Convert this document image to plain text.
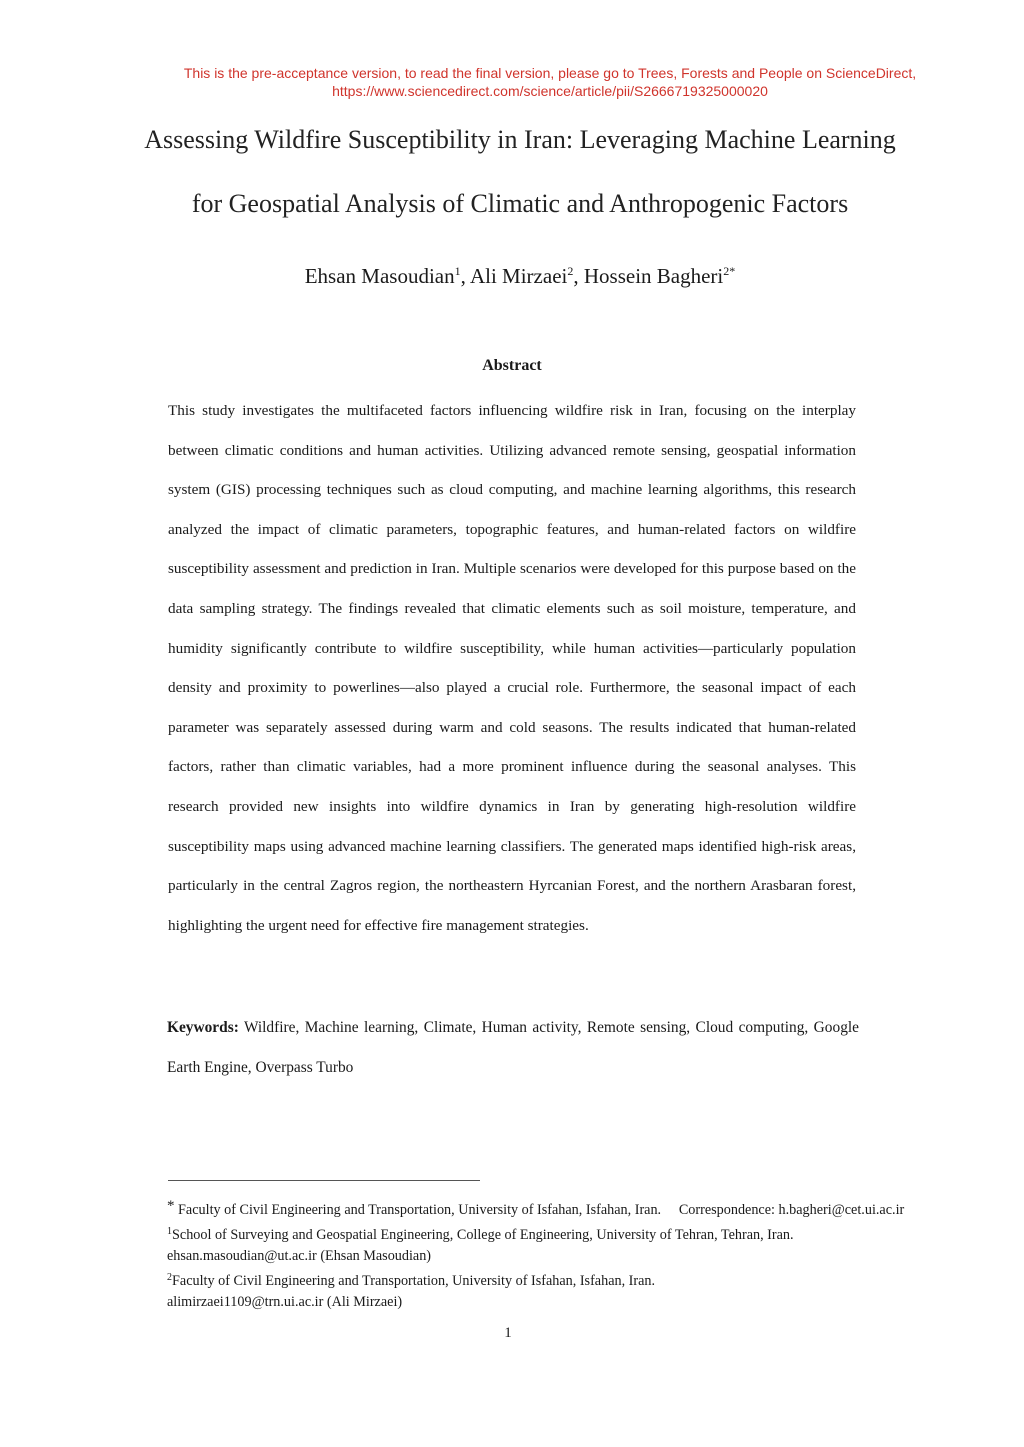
This is the pre-acceptance version, to read the final version, please go to Trees, Forests and People on ScienceDirect,
https://www.sciencedirect.com/science/article/pii/S2666719325000020
Assessing Wildfire Susceptibility in Iran: Leveraging Machine Learning
for Geospatial Analysis of Climatic and Anthropogenic Factors
Ehsan Masoudian$^1$, Ali Mirzaei$^2$, Hossein Bagheri$^{2*}$
Abstract

This study investigates the multifaceted factors influencing wildfire risk in Iran, focusing on the interplay between climatic conditions and human activities. Utilizing advanced remote sensing, geospatial information system (GIS) processing techniques such as cloud computing, and machine learning algorithms, this research analyzed the impact of climatic parameters, topographic features, and human-related factors on wildfire susceptibility assessment and prediction in Iran. Multiple scenarios were developed for this purpose based on the data sampling strategy. The findings revealed that climatic elements such as soil moisture, temperature, and humidity significantly contribute to wildfire susceptibility, while human activities—particularly population density and proximity to powerlines—also played a crucial role. Furthermore, the seasonal impact of each parameter was separately assessed during warm and cold seasons. The results indicated that human-related factors, rather than climatic variables, had a more prominent influence during the seasonal analyses. This research provided new insights into wildfire dynamics in Iran by generating high-resolution wildfire susceptibility maps using advanced machine learning classifiers. The generated maps identified high-risk areas, particularly in the central Zagros region, the northeastern Hyrcanian Forest, and the northern Arasbaran forest, highlighting the urgent need for effective fire management strategies.

Keywords: Wildfire, Machine learning, Climate, Human activity, Remote sensing, Cloud computing, Google Earth Engine, Overpass Turbo

* Faculty of Civil Engineering and Transportation, University of Isfahan, Isfahan, Iran.  Correspondence: h.bagheri@cet.ui.ac.ir

$^1$School of Surveying and Geospatial Engineering, College of Engineering, University of Tehran, Tehran, Iran.

ehsan.masoudian@ut.ac.ir (Ehsan Masoudian)

$^2$Faculty of Civil Engineering and Transportation, University of Isfahan, Isfahan, Iran.

alimirzaei1109@trn.ui.ac.ir (Ali Mirzaei)

1
